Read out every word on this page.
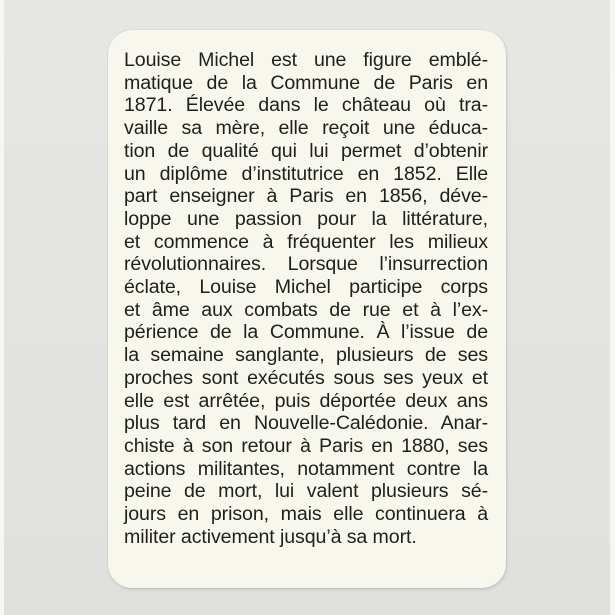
Louise Michel est une figure emblé-
matique de la Commune de Paris en
1871. Élevée dans le château où tra-
vaille sa mère, elle reçoit une éduca-
tion de qualité qui lui permet d’obtenir
un diplôme d’institutrice en 1852. Elle
part enseigner à Paris en 1856, déve-
loppe une passion pour la littérature,
et commence à fréquenter les milieux
révolutionnaires. Lorsque l’insurrection
éclate, Louise Michel participe corps
et âme aux combats de rue et à l’ex-
périence de la Commune. À l’issue de
la semaine sanglante, plusieurs de ses
proches sont exécutés sous ses yeux et
elle est arrêtée, puis déportée deux ans
plus tard en Nouvelle-Calédonie. Anar-
chiste à son retour à Paris en 1880, ses
actions militantes, notamment contre la
peine de mort, lui valent plusieurs sé-
jours en prison, mais elle continuera à
militer activement jusqu’à sa mort.
